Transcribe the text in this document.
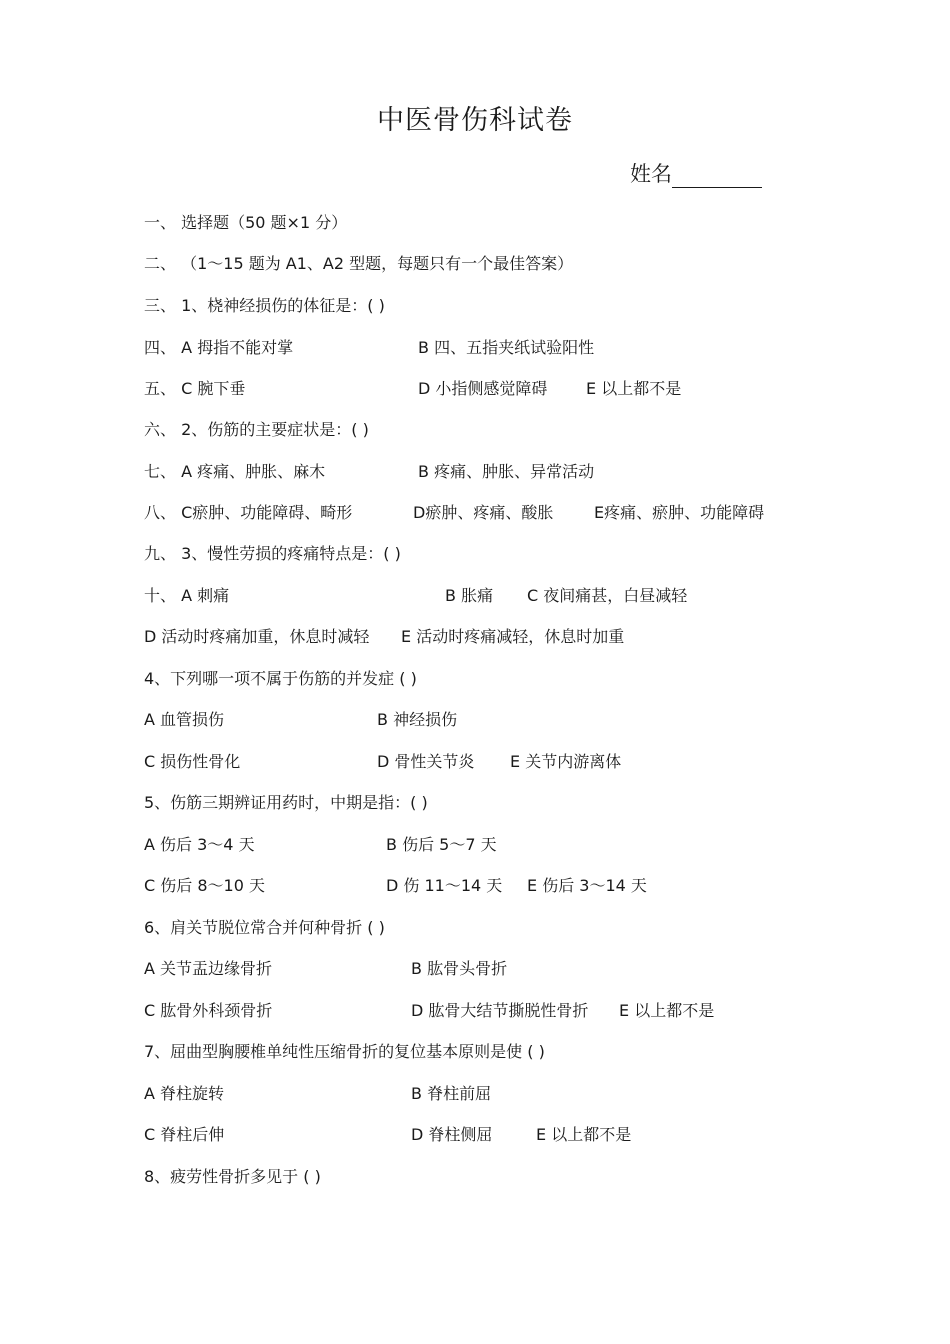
中医骨伤科试卷
姓名
一、 选择题（50 题×1 分）
二、 （1～15 题为 A1、A2 型题，每题只有一个最佳答案）
三、 1、桡神经损伤的体征是：( )
四、 A 拇指不能对掌	B 四、五指夹纸试验阳性
五、 C 腕下垂	D 小指侧感觉障碍 E 以上都不是
六、 2、伤筋的主要症状是：( )
七、 A 疼痛、肿胀、麻木	B 疼痛、肿胀、异常活动
八、 C瘀肿、功能障碍、畸形	D瘀肿、疼痛、酸胀	E疼痛、瘀肿、功能障碍
九、 3、慢性劳损的疼痛特点是：( )
十、 A 刺痛	B 胀痛 C 夜间痛甚，白昼减轻
D 活动时疼痛加重，休息时减轻 E 活动时疼痛减轻，休息时加重
4、下列哪一项不属于伤筋的并发症 ( )
A 血管损伤	B 神经损伤
C 损伤性骨化	D 骨性关节炎 E 关节内游离体
5、伤筋三期辨证用药时，中期是指：( )
A 伤后 3～4 天	B 伤后 5～7 天
C 伤后 8～10 天	D 伤 11～14 天 E 伤后 3～14 天
6、肩关节脱位常合并何种骨折 ( )
A 关节盂边缘骨折	B 肱骨头骨折
C 肱骨外科颈骨折	D 肱骨大结节撕脱性骨折 E 以上都不是
7、屈曲型胸腰椎单纯性压缩骨折的复位基本原则是使 ( )
A 脊柱旋转	B 脊柱前屈
C 脊柱后伸	D 脊柱侧屈	E 以上都不是
8、疲劳性骨折多见于 ( )
